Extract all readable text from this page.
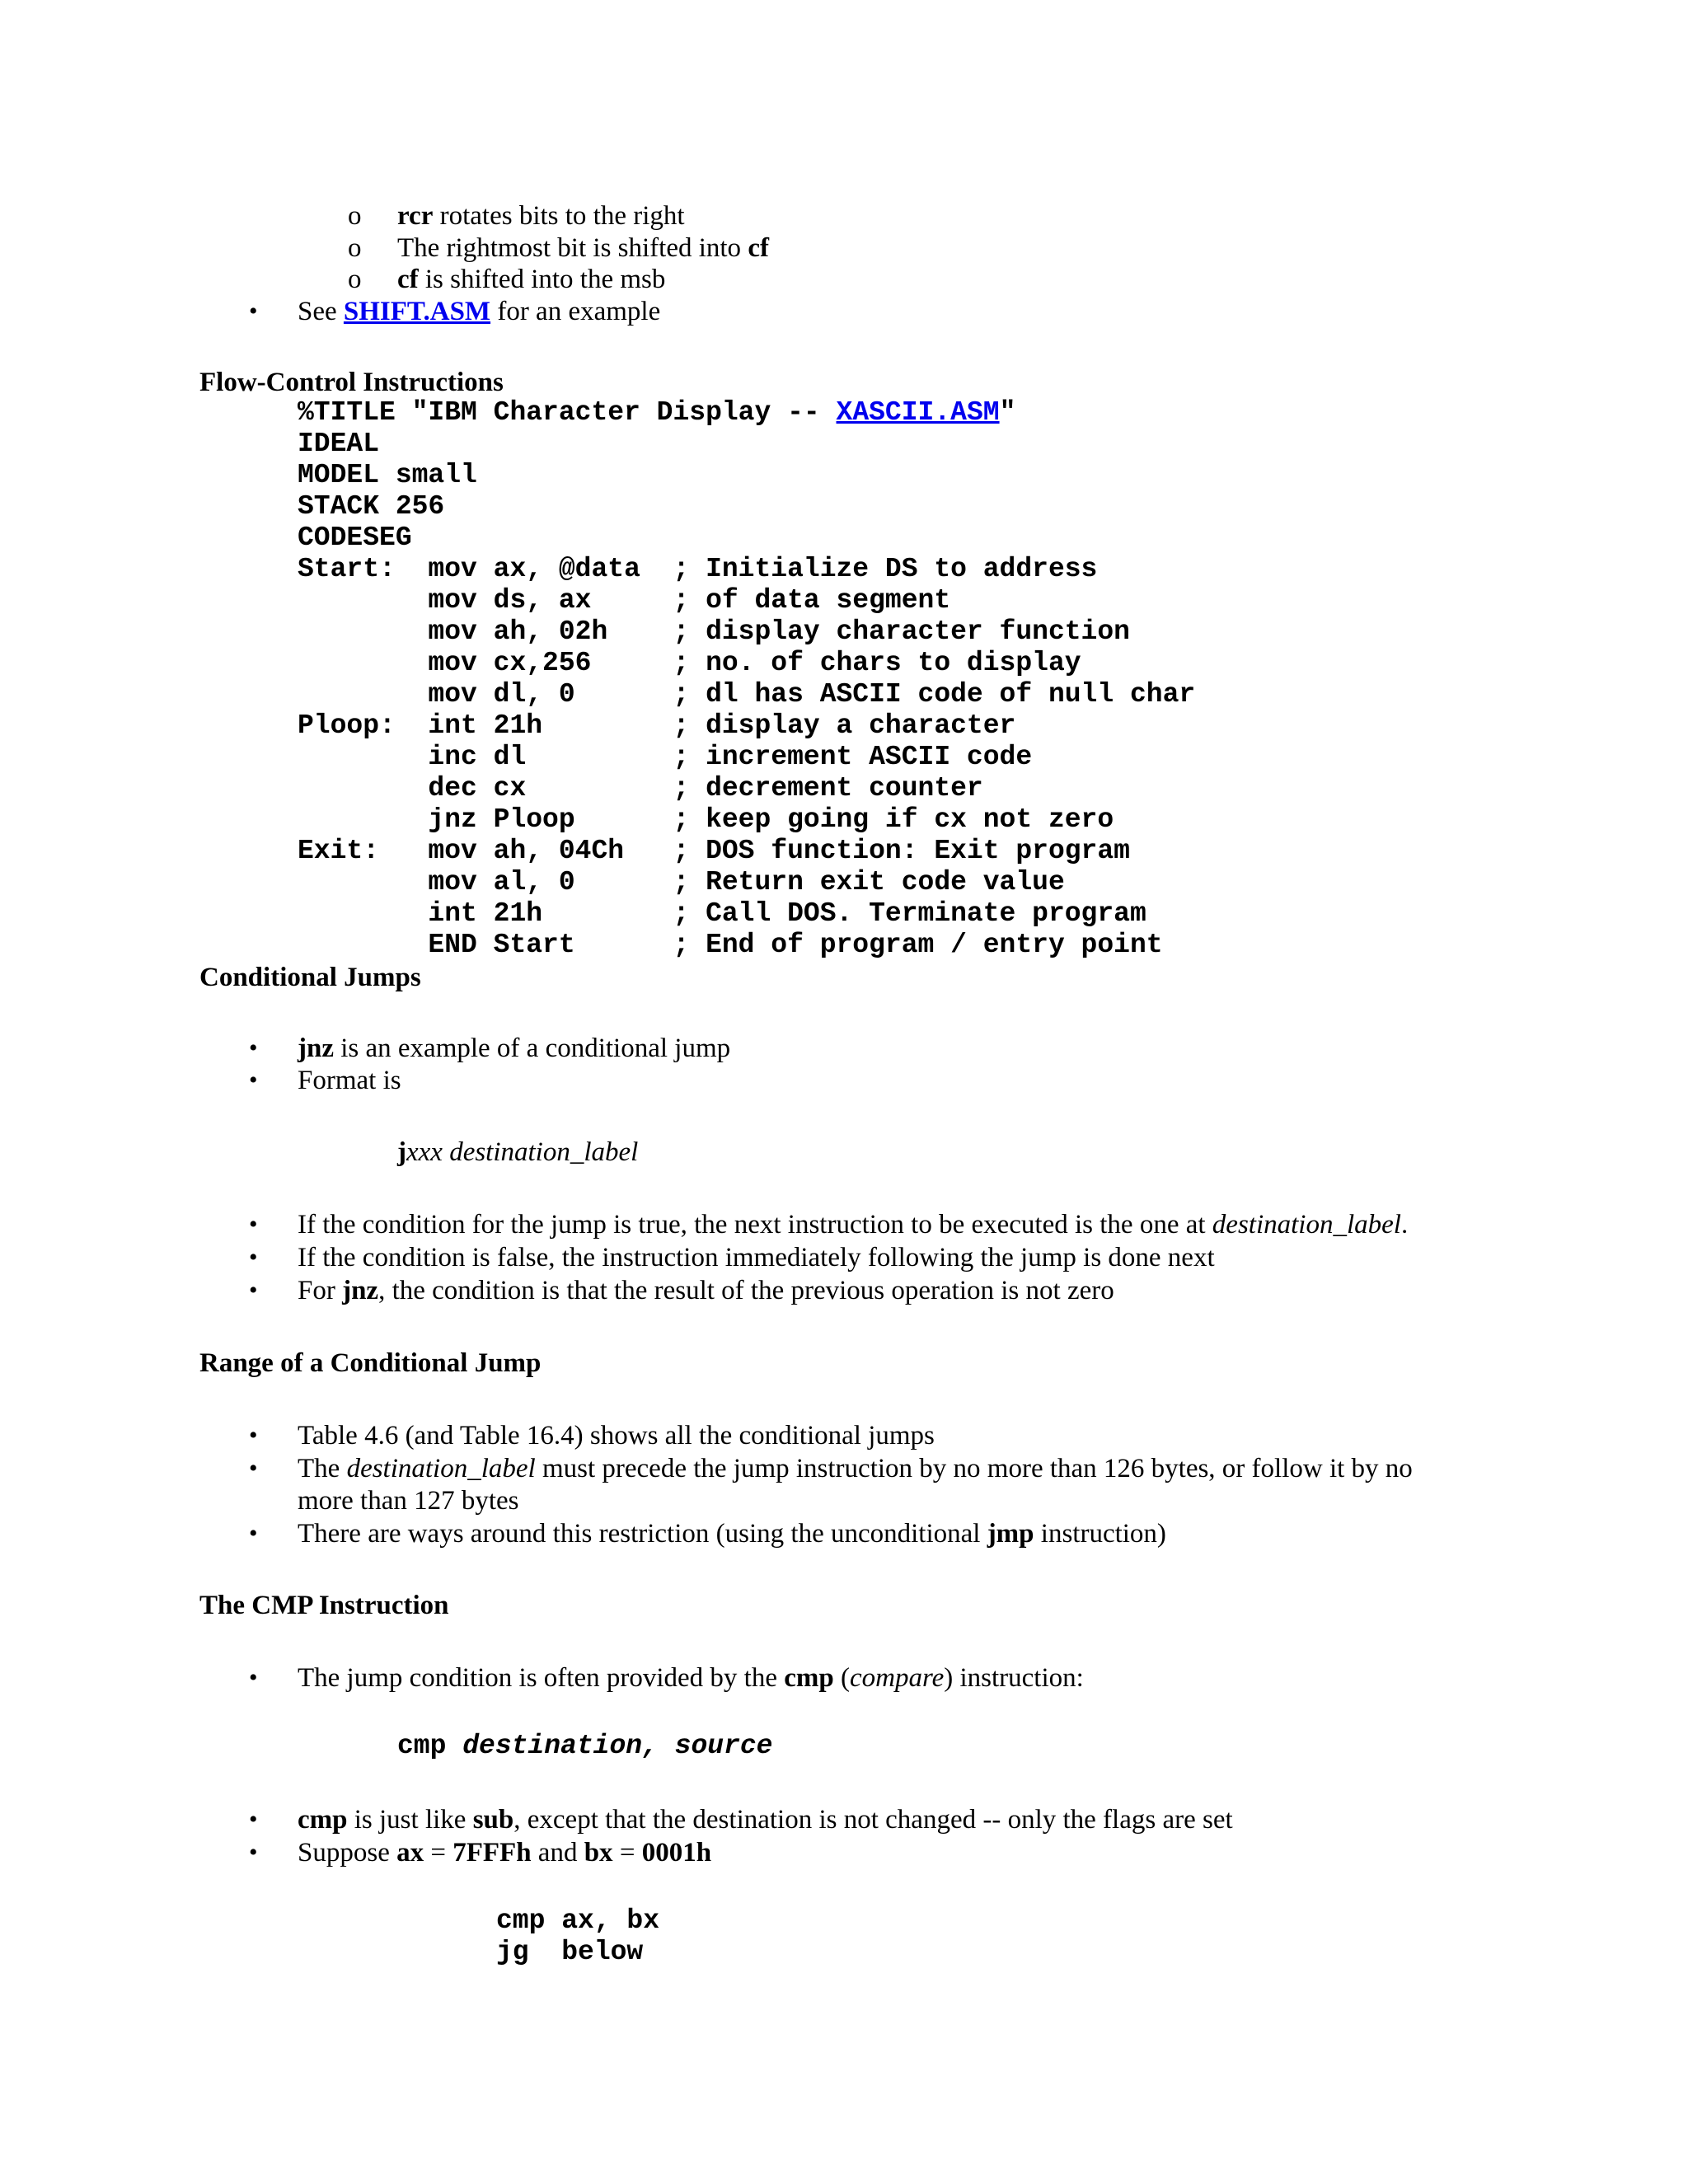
o rcr rotates bits to the right
o The rightmost bit is shifted into cf
o cf is shifted into the msb
• See SHIFT.ASM for an example
Flow-Control Instructions
%TITLE "IBM Character Display -- XASCII.ASM"
IDEAL
MODEL small
STACK 256
CODESEG
Start:  mov ax, @data  ; Initialize DS to address
mov ds, ax     ; of data segment
mov ah, 02h    ; display character function
mov cx,256     ; no. of chars to display
mov dl, 0      ; dl has ASCII code of null char
Ploop:  int 21h        ; display a character
inc dl         ; increment ASCII code
dec cx         ; decrement counter
jnz Ploop      ; keep going if cx not zero
Exit:   mov ah, 04Ch   ; DOS function: Exit program
mov al, 0      ; Return exit code value
int 21h        ; Call DOS. Terminate program
END Start      ; End of program / entry point
Conditional Jumps
• jnz is an example of a conditional jump
• Format is
jxxx destination_label
• If the condition for the jump is true, the next instruction to be executed is the one at destination_label.
• If the condition is false, the instruction immediately following the jump is done next
• For jnz, the condition is that the result of the previous operation is not zero
Range of a Conditional Jump
• Table 4.6 (and Table 16.4) shows all the conditional jumps
• The destination_label must precede the jump instruction by no more than 126 bytes, or follow it by no
more than 127 bytes
• There are ways around this restriction (using the unconditional jmp instruction)
The CMP Instruction
• The jump condition is often provided by the cmp (compare) instruction:
cmp destination, source
• cmp is just like sub, except that the destination is not changed -- only the flags are set
• Suppose ax = 7FFFh and bx = 0001h
cmp ax, bx
jg  below
